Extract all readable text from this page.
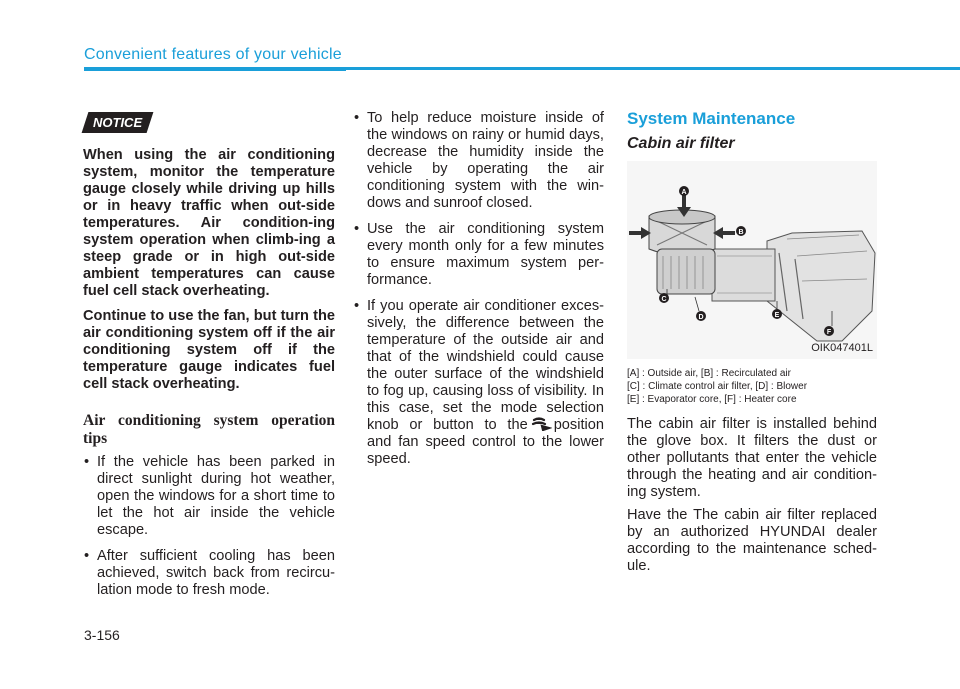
Convenient features of your vehicle
NOTICE

When using the air conditioning system, monitor the temperature gauge closely while driving up hills or in heavy traffic when out-side temperatures. Air condition-ing system operation when climb-ing a steep grade or in high out-side ambient temperatures can cause fuel cell stack overheating.

Continue to use the fan, but turn the air conditioning system off if the air conditioning system off if the temperature gauge indicates fuel cell stack overheating.

Air conditioning system operation tips
• If the vehicle has been parked in direct sunlight during hot weather, open the windows for a short time to let the hot air inside the vehicle escape.
• After sufficient cooling has been achieved, switch back from recircu-lation mode to fresh mode.
• To help reduce moisture inside of the windows on rainy or humid days, decrease the humidity inside the vehicle by operating the air conditioning system with the win-dows and sunroof closed.
• Use the air conditioning system every month only for a few minutes to ensure maximum system per-formance.
• If you operate air conditioner exces-sively, the difference between the temperature of the outside air and that of the windshield could cause the outer surface of the windshield to fog up, causing loss of visibility. In this case, set the mode selection knob or button to the position and fan speed control to the lower speed.
System Maintenance
Cabin air filter
A
B
C
D	E
F
OIK047401L
[A] : Outside air, [B] : Recirculated air
[C] : Climate control air filter, [D] : Blower
[E] : Evaporator core, [F] : Heater core

The cabin air filter is installed behind the glove box. It filters the dust or other pollutants that enter the vehicle through the heating and air condition-ing system.

Have the The cabin air filter replaced by an authorized HYUNDAI dealer according to the maintenance sched-ule.

3-156
